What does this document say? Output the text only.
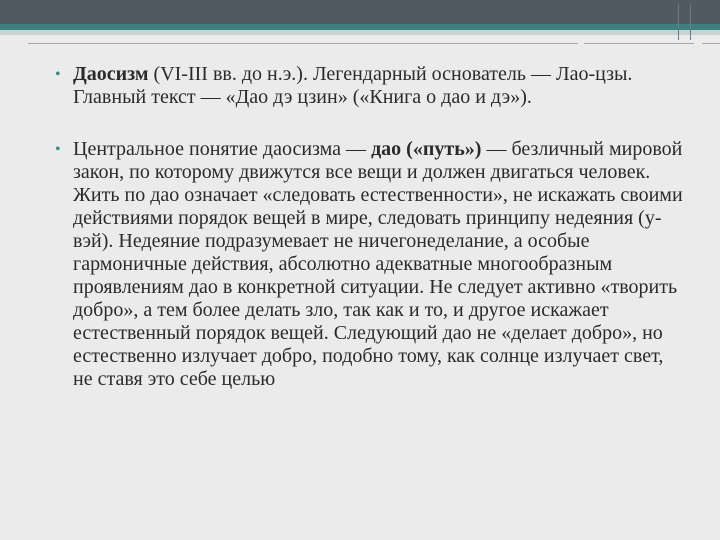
• Даосизм (VI-III вв. до н.э.). Легендарный основатель — Лао-цзы. Главный текст — «Дао дэ цзин» («Книга о дао и дэ»).

• Центральное понятие даосизма — дао («путь») — безличный мировой закон, по которому движутся все вещи и должен двигаться человек. Жить по дао означает «следовать естественности», не искажать своими действиями порядок вещей в мире, следовать принципу недеяния (у-вэй). Недеяние подразумевает не ничегонеделание, а особые гармоничные действия, абсолютно адекватные многообразным проявлениям дао в конкретной ситуации. Не следует активно «творить добро», а тем более делать зло, так как и то, и другое искажает естественный порядок вещей. Следующий дао не «делает добро», но естественно излучает добро, подобно тому, как солнце излучает свет, не ставя это себе целью
